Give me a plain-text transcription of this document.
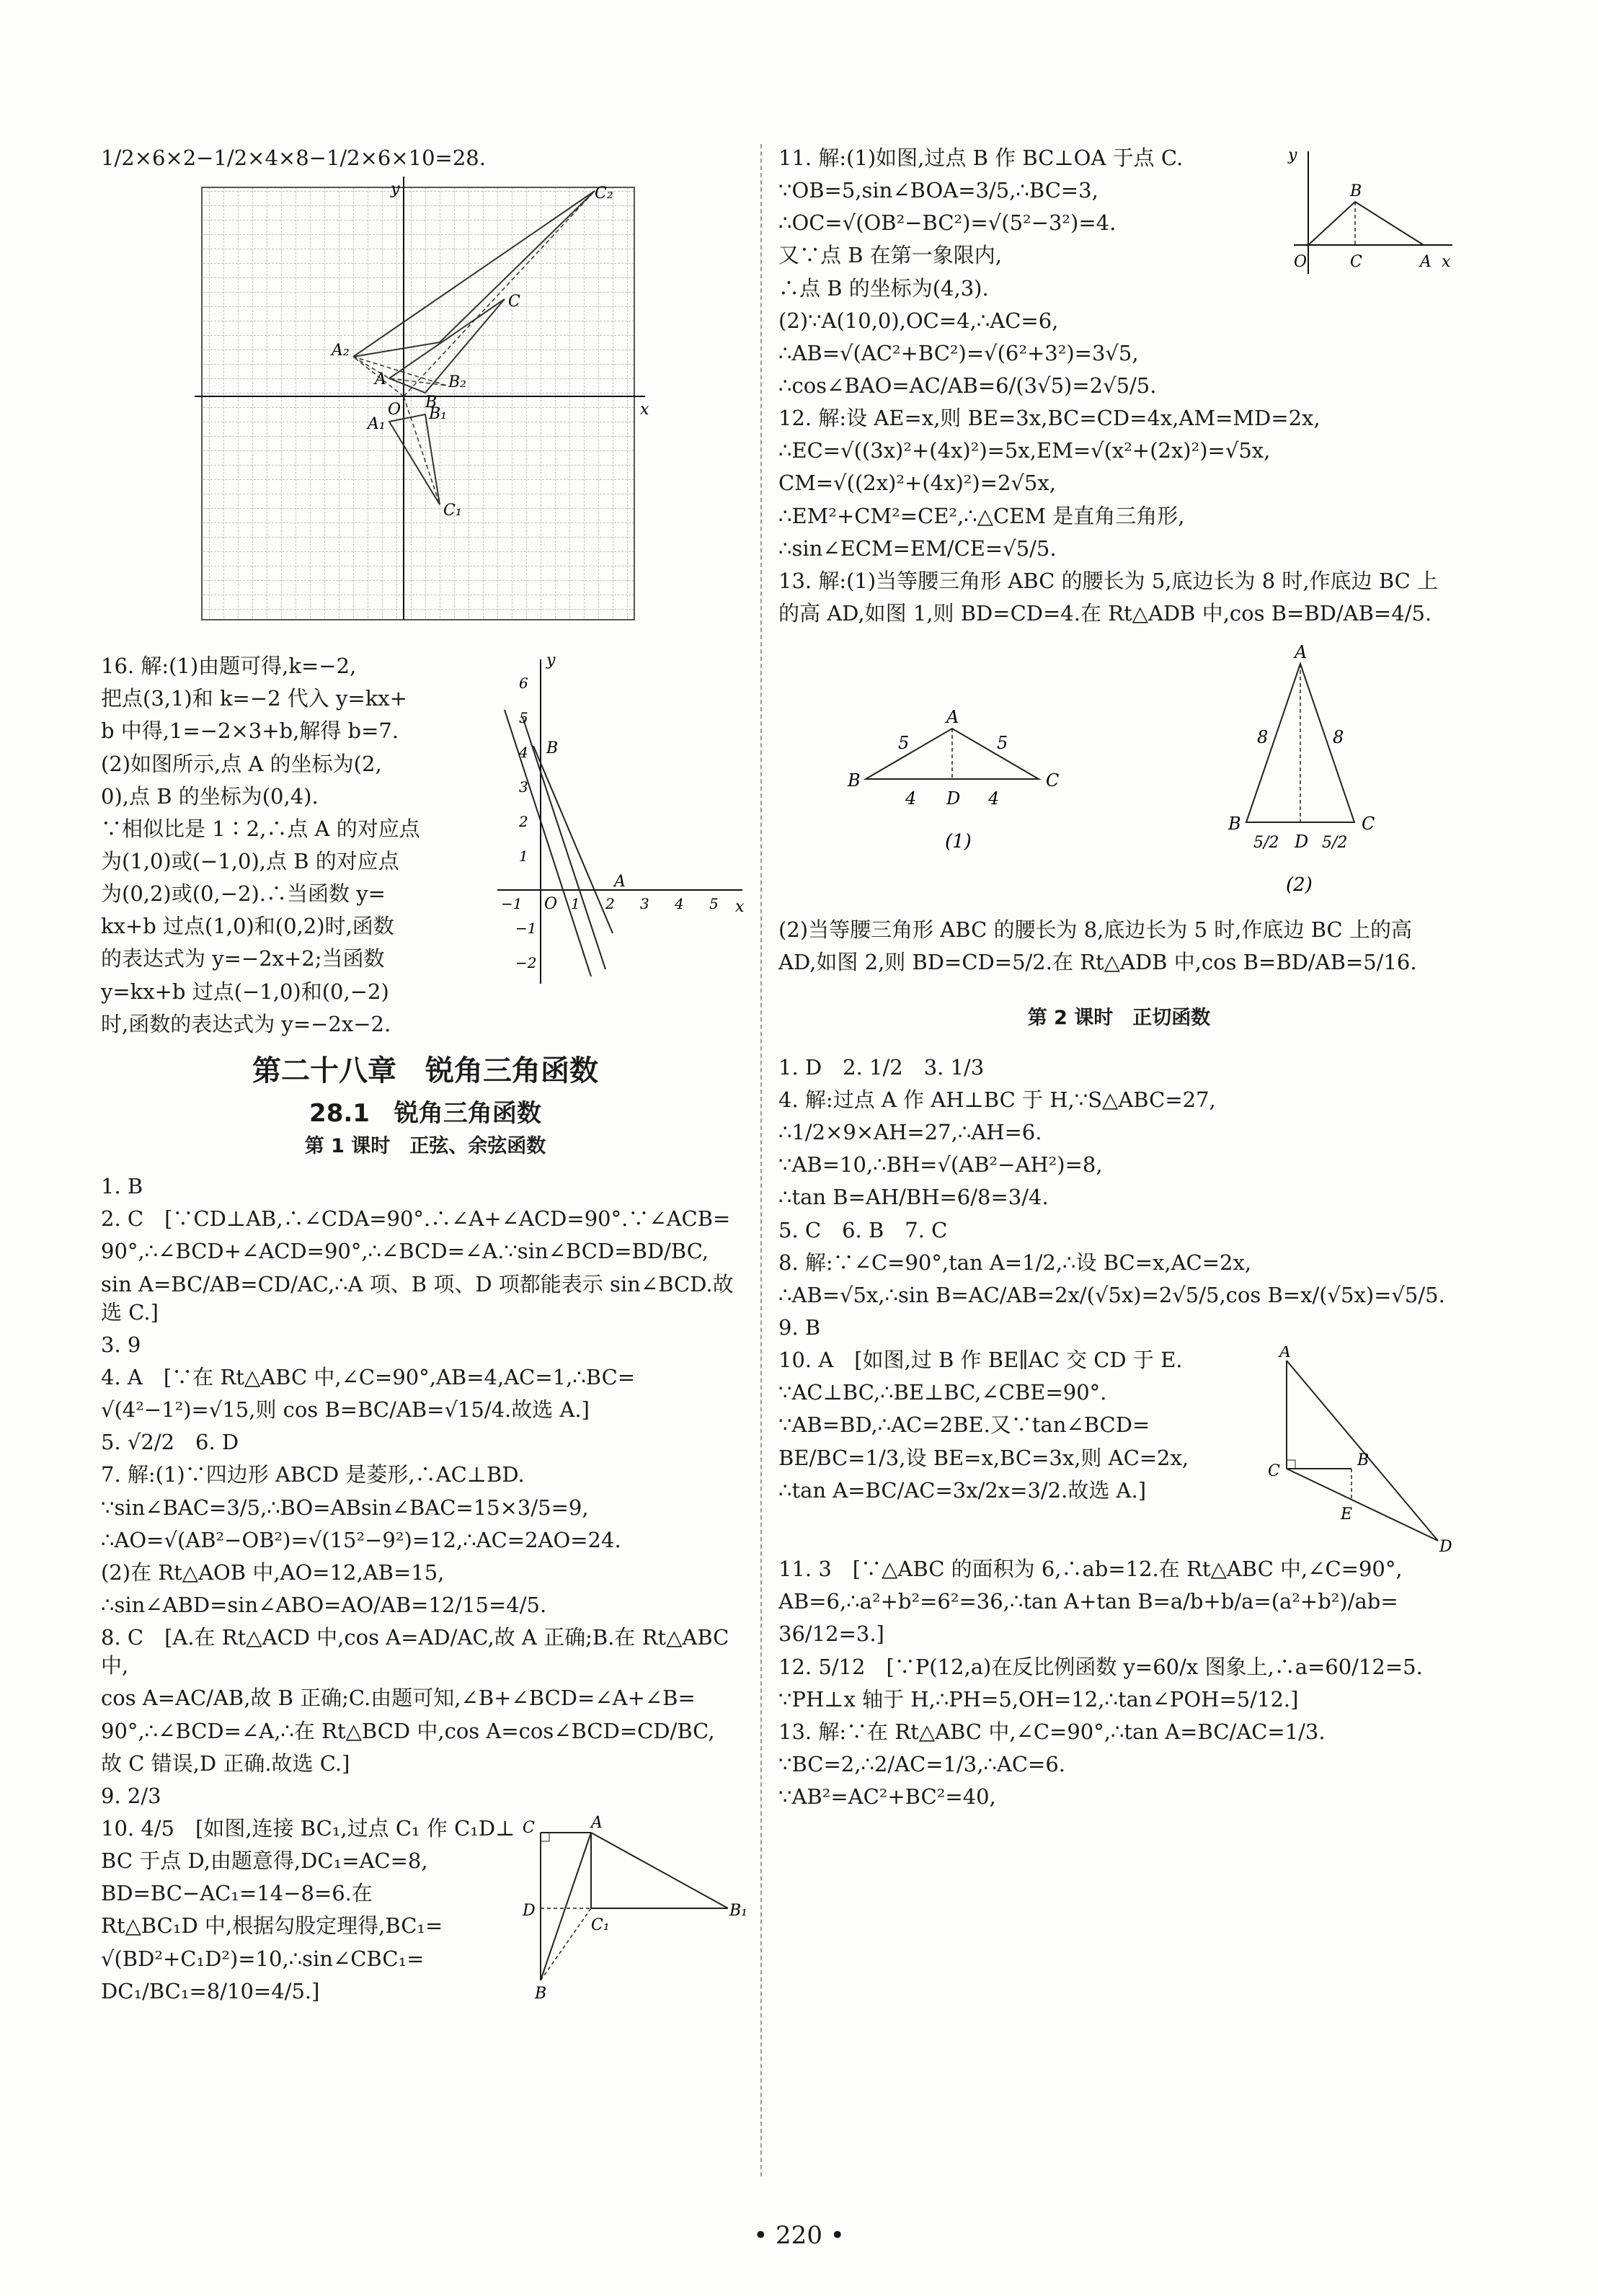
1/2×6×2−1/2×4×8−1/2×6×10=28.
y
x
O
C₂
C
A₂
A
B
B₂
B₁
A₁
C₁
16. 解:(1)由题可得,k=−2,
把点(3,1)和 k=−2 代入 y=kx+
b 中得,1=−2×3+b,解得 b=7.
(2)如图所示,点 A 的坐标为(2,
0),点 B 的坐标为(0,4).
∵相似比是 1∶2,∴点 A 的对应点
为(1,0)或(−1,0),点 B 的对应点
为(0,2)或(0,−2).∴当函数 y=
kx+b 过点(1,0)和(0,2)时,函数
的表达式为 y=−2x+2;当函数
y=kx+b 过点(−1,0)和(0,−2)
时,函数的表达式为 y=−2x−2.
y
x
O
B
A
6
5
4
3
2
1
−1
−2
−1	1 2 3 4 5
第二十八章　锐角三角函数
28.1　锐角三角函数
第 1 课时　正弦、余弦函数
1. B
2. C　[∵CD⊥AB,∴∠CDA=90°.∴∠A+∠ACD=90°.∵∠ACB=
90°,∴∠BCD+∠ACD=90°,∴∠BCD=∠A.∵sin∠BCD=BD/BC,
sin A=BC/AB=CD/AC,∴A 项、B 项、D 项都能表示 sin∠BCD.故选 C.]
3. 9
4. A　[∵在 Rt△ABC 中,∠C=90°,AB=4,AC=1,∴BC=
√(4²−1²)=√15,则 cos B=BC/AB=√15/4.故选 A.]
5. √2/2　6. D
7. 解:(1)∵四边形 ABCD 是菱形,∴AC⊥BD.
∵sin∠BAC=3/5,∴BO=ABsin∠BAC=15×3/5=9,
∴AO=√(AB²−OB²)=√(15²−9²)=12,∴AC=2AO=24.
(2)在 Rt△AOB 中,AO=12,AB=15,
∴sin∠ABD=sin∠ABO=AO/AB=12/15=4/5.
8. C　[A.在 Rt△ACD 中,cos A=AD/AC,故 A 正确;B.在 Rt△ABC 中,
cos A=AC/AB,故 B 正确;C.由题可知,∠B+∠BCD=∠A+∠B=
90°,∴∠BCD=∠A,∴在 Rt△BCD 中,cos A=cos∠BCD=CD/BC,
故 C 错误,D 正确.故选 C.]
9. 2/3
10. 4/5　[如图,连接 BC₁,过点 C₁ 作 C₁D⊥
BC 于点 D,由题意得,DC₁=AC=8,
BD=BC−AC₁=14−8=6.在
Rt△BC₁D 中,根据勾股定理得,BC₁=
√(BD²+C₁D²)=10,∴sin∠CBC₁=
DC₁/BC₁=8/10=4/5.]
C	A
D
C₁
B₁
B
11. 解:(1)如图,过点 B 作 BC⊥OA 于点 C.
∵OB=5,sin∠BOA=3/5,∴BC=3,
∴OC=√(OB²−BC²)=√(5²−3²)=4.
又∵点 B 在第一象限内,
∴点 B 的坐标为(4,3).
(2)∵A(10,0),OC=4,∴AC=6,
∴AB=√(AC²+BC²)=√(6²+3²)=3√5,
∴cos∠BAO=AC/AB=6/(3√5)=2√5/5.
y
x
O	C	A
B
12. 解:设 AE=x,则 BE=3x,BC=CD=4x,AM=MD=2x,
∴EC=√((3x)²+(4x)²)=5x,EM=√(x²+(2x)²)=√5x,
CM=√((2x)²+(4x)²)=2√5x,
∴EM²+CM²=CE²,∴△CEM 是直角三角形,
∴sin∠ECM=EM/CE=√5/5.
13. 解:(1)当等腰三角形 ABC 的腰长为 5,底边长为 8 时,作底边 BC 上
的高 AD,如图 1,则 BD=CD=4.在 Rt△ADB 中,cos B=BD/AB=4/5.
A
B	C
D
5	5
4	4
(1)
A
B	C
D
8	8
5/2	5/2
(2)
(2)当等腰三角形 ABC 的腰长为 8,底边长为 5 时,作底边 BC 上的高
AD,如图 2,则 BD=CD=5/2.在 Rt△ADB 中,cos B=BD/AB=5/16.
第 2 课时　正切函数
1. D　2. 1/2　3. 1/3
4. 解:过点 A 作 AH⊥BC 于 H,∵S△ABC=27,
∴1/2×9×AH=27,∴AH=6.
∵AB=10,∴BH=√(AB²−AH²)=8,
∴tan B=AH/BH=6/8=3/4.
5. C　6. B　7. C
8. 解:∵∠C=90°,tan A=1/2,∴设 BC=x,AC=2x,
∴AB=√5x,∴sin B=AC/AB=2x/(√5x)=2√5/5,cos B=x/(√5x)=√5/5.
9. B
10. A　[如图,过 B 作 BE∥AC 交 CD 于 E.
∵AC⊥BC,∴BE⊥BC,∠CBE=90°.
∵AB=BD,∴AC=2BE.又∵tan∠BCD=
BE/BC=1/3,设 BE=x,BC=3x,则 AC=2x,
∴tan A=BC/AC=3x/2x=3/2.故选 A.]
A
B
C
E
D
11. 3　[∵△ABC 的面积为 6,∴ab=12.在 Rt△ABC 中,∠C=90°,
AB=6,∴a²+b²=6²=36,∴tan A+tan B=a/b+b/a=(a²+b²)/ab=
36/12=3.]
12. 5/12　[∵P(12,a)在反比例函数 y=60/x 图象上,∴a=60/12=5.
∵PH⊥x 轴于 H,∴PH=5,OH=12,∴tan∠POH=5/12.]
13. 解:∵在 Rt△ABC 中,∠C=90°,∴tan A=BC/AC=1/3.
∵BC=2,∴2/AC=1/3,∴AC=6.
∵AB²=AC²+BC²=40,
• 220 •
